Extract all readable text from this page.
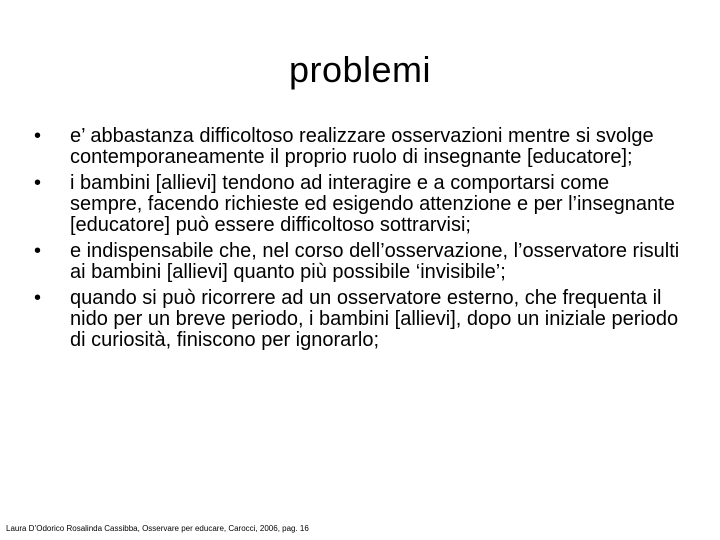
problemi
•	e’ abbastanza difficoltoso realizzare osservazioni mentre si svolge contemporaneamente il proprio ruolo di insegnante [educatore];
•	i bambini [allievi] tendono ad interagire e a comportarsi come sempre, facendo richieste ed esigendo attenzione e per l’insegnante [educatore] può essere difficoltoso sottrarvisi;
•	e indispensabile che, nel corso dell’osservazione, l’osservatore risulti ai bambini [allievi] quanto più possibile ‘invisibile’;
•	quando si può ricorrere ad un osservatore esterno, che frequenta il nido per un breve periodo, i bambini [allievi], dopo un iniziale periodo di curiosità, finiscono per ignorarlo;
Laura D’Odorico Rosalinda Cassibba, Osservare per educare, Carocci, 2006, pag. 16
